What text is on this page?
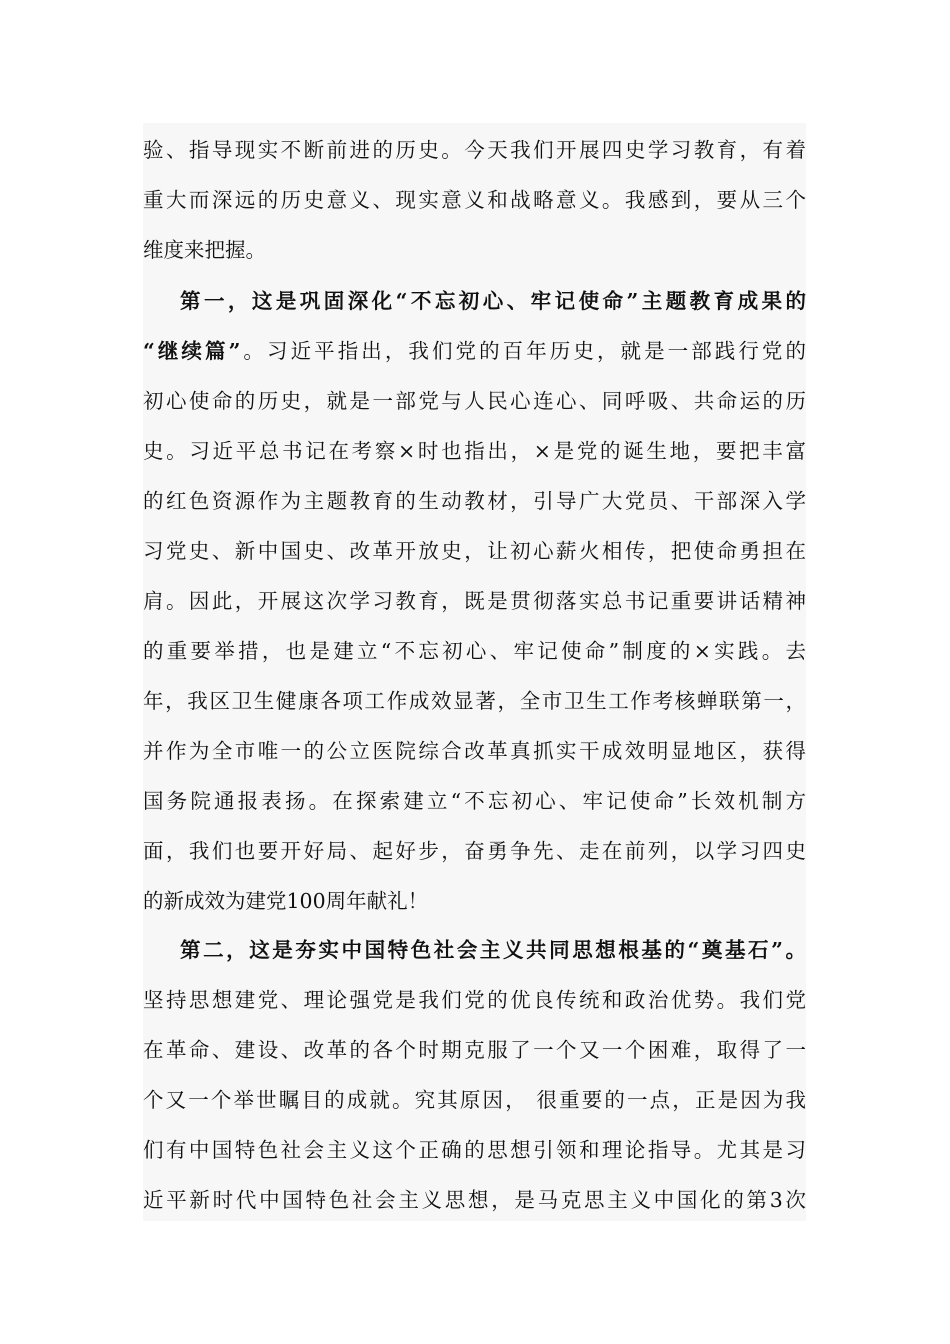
验、指导现实不断前进的历史。今天我们开展四史学习教育，有着
重大而深远的历史意义、现实意义和战略意义。我感到，要从三个
维度来把握。
第一，这是巩固深化“不忘初心、牢记使命”主题教育成果的
“继续篇”。习近平指出，我们党的百年历史，就是一部践行党的
初心使命的历史，就是一部党与人民心连心、同呼吸、共命运的历
史。习近平总书记在考察×时也指出，×是党的诞生地，要把丰富
的红色资源作为主题教育的生动教材，引导广大党员、干部深入学
习党史、新中国史、改革开放史，让初心薪火相传，把使命勇担在
肩。因此，开展这次学习教育，既是贯彻落实总书记重要讲话精神
的重要举措，也是建立“不忘初心、牢记使命”制度的×实践。去
年，我区卫生健康各项工作成效显著，全市卫生工作考核蝉联第一，
并作为全市唯一的公立医院综合改革真抓实干成效明显地区，获得
国务院通报表扬。在探索建立“不忘初心、牢记使命”长效机制方
面，我们也要开好局、起好步，奋勇争先、走在前列，以学习四史
的新成效为建党100周年献礼！
第二，这是夯实中国特色社会主义共同思想根基的“奠基石”。
坚持思想建党、理论强党是我们党的优良传统和政治优势。我们党
在革命、建设、改革的各个时期克服了一个又一个困难，取得了一
个又一个举世瞩目的成就。究其原因， 很重要的一点，正是因为我
们有中国特色社会主义这个正确的思想引领和理论指导。尤其是习
近平新时代中国特色社会主义思想，是马克思主义中国化的第3次
